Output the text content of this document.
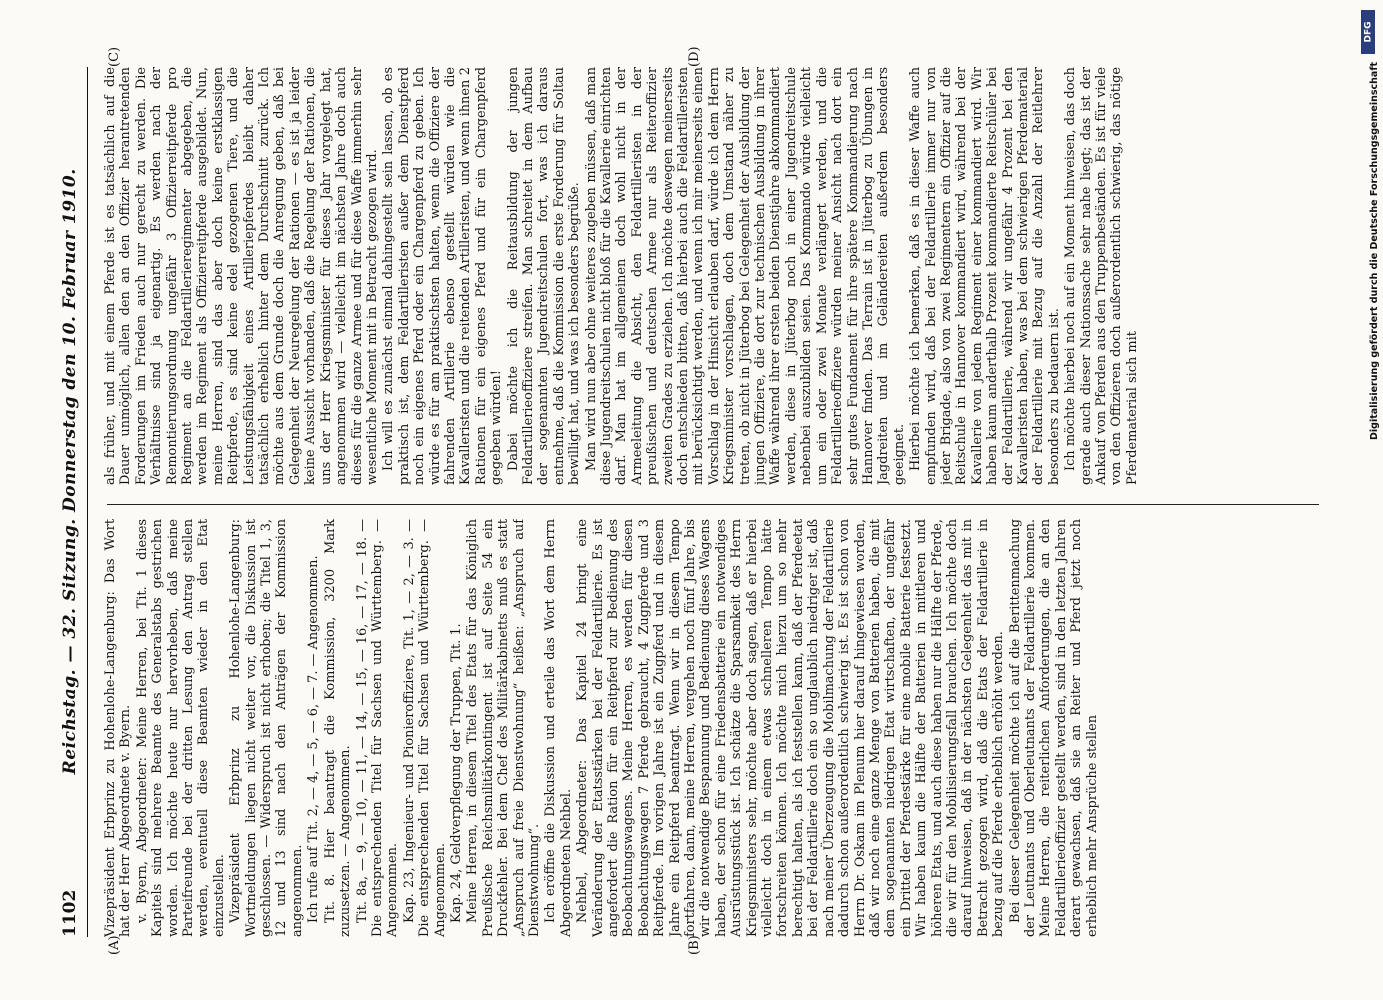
1102
Reichstag. — 32. Sitzung. Donnerstag den 10. Februar 1910.
(A)	(B)
(C)	(D)

Vizepräsident Erbprinz zu Hohenlohe-Langenburg: Das Wort hat der Herr Abgeordnete v. Byern. v. Byern, Abgeordneter: Meine Herren, bei Tit. 1 dieses Kapitels sind mehrere Beamte des Generalstabs gestrichen worden. Ich möchte heute nur hervorheben, daß meine Parteifreunde bei der dritten Lesung den Antrag stellen werden, eventuell diese Beamten wieder in den Etat einzustellen. Vizepräsident Erbprinz zu Hohenlohe-Langenburg: Wortmeldungen liegen nicht weiter vor, die Diskussion ist geschlossen. — Widerspruch ist nicht erhoben; die Titel 1, 3, 12 und 13 sind nach den Anträgen der Kommission angenommen. Ich rufe auf Tit. 2, — 4, — 5, — 6, — 7. — Angenommen. Tit. 8. Hier beantragt die Kommission, 3200 Mark zuzusetzen. — Angenommen. Tit. 8a, — 9, — 10, — 11, — 14, — 15, — 16, — 17, — 18. — Die entsprechenden Titel für Sachsen und Württemberg. — Angenommen. Kap. 23, Ingenieur- und Pionieroffiziere, Tit. 1, — 2, — 3. — Die entsprechenden Titel für Sachsen und Württemberg. — Angenommen. Kap. 24, Geldverpflegung der Truppen, Tit. 1. Meine Herren, in diesem Titel des Etats für das Königlich Preußische Reichsmilitärkontingent ist auf Seite 54 ein Druckfehler. Bei dem Chef des Militärkabinetts muß es statt „Anspruch auf freie Dienstwohnung“ heißen: „Anspruch auf Dienstwohnung“. Ich eröffne die Diskussion und erteile das Wort dem Herrn Abgeordneten Nehbel. Nehbel, Abgeordneter: Das Kapitel 24 bringt eine Veränderung der Etatsstärken bei der Feldartillerie. Es ist angefordert die Ration für ein Reitpferd zur Bedienung des Beobachtungswagens. Meine Herren, es werden für diesen Beobachtungswagen 7 Pferde gebraucht, 4 Zugpferde und 3 Reitpferde. Im vorigen Jahre ist ein Zugpferd und in diesem Jahre ein Reitpferd beantragt. Wenn wir in diesem Tempo fortfahren, dann, meine Herren, vergehen noch fünf Jahre, bis wir die notwendige Bespannung und Bedienung dieses Wagens haben, der schon für eine Friedensbatterie ein notwendiges Ausrüstungsstück ist. Ich schätze die Sparsamkeit des Herrn Kriegsministers sehr, möchte aber doch sagen, daß er hierbei vielleicht doch in einem etwas schnelleren Tempo hätte fortschreiten können. Ich möchte mich hierzu um so mehr berechtigt halten, als ich feststellen kann, daß der Pferdeetat bei der Feldartillerie doch ein so unglaublich niedriger ist, daß nach meiner Überzeugung die Mobilmachung der Feldartillerie dadurch schon außerordentlich schwierig ist. Es ist schon von Herrn Dr. Oskam im Plenum hier darauf hingewiesen worden, daß wir noch eine ganze Menge von Batterien haben, die mit dem sogenannten niedrigen Etat wirtschaften, der ungefähr ein Drittel der Pferdestärke für eine mobile Batterie festsetzt. Wir haben kaum die Hälfte der Batterien in mittleren und höheren Etats, und auch diese haben nur die Hälfte der Pferde, die wir für den Mobilisierungsfall brauchen. Ich möchte doch darauf hinweisen, daß in der nächsten Gelegenheit das mit in Betracht gezogen wird, daß die Etats der Feldartillerie in bezug auf die Pferde erheblich erhöht werden. Bei dieser Gelegenheit möchte ich auf die Berittenmachung der Leutnants und Oberleutnants der Feldartillerie kommen. Meine Herren, die reiterlichen Anforderungen, die an den Feldartillerieoffizier gestellt werden, sind in den letzten Jahren derart gewachsen, daß sie an Reiter und Pferd jetzt noch erheblich mehr Ansprüche stellen

als früher, und mit einem Pferde ist es tatsächlich auf die Dauer unmöglich, allen den an den Offizier herantretenden Forderungen im Frieden auch nur gerecht zu werden. Die Verhältnisse sind ja eigenartig. Es werden nach der Remontierungsordnung ungefähr 3 Offizierreitpferde pro Regiment an die Feldartillerieregimenter abgegeben, die werden im Regiment als Offizierreitpferde ausgebildet. Nun, meine Herren, sind das aber doch keine erstklassigen Reitpferde, es sind keine edel gezogenen Tiere, und die Leistungsfähigkeit eines Artilleriepferdes bleibt daher tatsächlich erheblich hinter dem Durchschnitt zurück. Ich möchte aus dem Grunde doch die Anregung geben, daß bei Gelegenheit der Neuregelung der Rationen — es ist ja leider keine Aussicht vorhanden, daß die Regelung der Rationen, die uns der Herr Kriegsminister für dieses Jahr vorgelegt hat, angenommen wird — vielleicht im nächsten Jahre doch auch dieses für die ganze Armee und für diese Waffe immerhin sehr wesentliche Moment mit in Betracht gezogen wird. Ich will es zunächst einmal dahingestellt sein lassen, ob es praktisch ist, dem Feldartilleristen außer dem Dienstpferd noch ein eigenes Pferd oder ein Chargenpferd zu geben. Ich würde es für am praktischsten halten, wenn die Offiziere der fahrenden Artillerie ebenso gestellt würden wie die Kavalleristen und die reitenden Artilleristen, und wenn ihnen 2 Rationen für ein eigenes Pferd und für ein Chargenpferd gegeben würden! Dabei möchte ich die Reitausbildung der jungen Feldartillerieoffiziere streifen. Man schreitet in dem Aufbau der sogenannten Jugendreitschulen fort, was ich daraus entnehme, daß die Kommission die erste Forderung für Soltau bewilligt hat, und was ich besonders begrüße. Man wird nun aber ohne weiteres zugeben müssen, daß man diese Jugendreitschulen nicht bloß für die Kavallerie einrichten darf. Man hat im allgemeinen doch wohl nicht in der Armeeleitung die Absicht, den Feldartilleristen in der preußischen und deutschen Armee nur als Reiteroffizier zweiten Grades zu erziehen. Ich möchte deswegen meinerseits doch entschieden bitten, daß hierbei auch die Feldartilleristen mit berücksichtigt werden, und wenn ich mir meinerseits einen Vorschlag in der Hinsicht erlauben darf, würde ich dem Herrn Kriegsminister vorschlagen, doch dem Umstand näher zu treten, ob nicht in Jüterbog bei Gelegenheit der Ausbildung der jungen Offiziere, die dort zur technischen Ausbildung in ihrer Waffe während ihrer ersten beiden Dienstjahre abkommandiert werden, diese in Jüterbog noch in einer Jugendreitschule nebenbei auszubilden seien. Das Kommando würde vielleicht um ein oder zwei Monate verlängert werden, und die Feldartillerieoffiziere würden meiner Ansicht nach dort ein sehr gutes Fundament für ihre spätere Kommandierung nach Hannover finden. Das Terrain ist in Jüterbog zu Übungen in Jagdreiten und im Geländereiten außerdem besonders geeignet. Hierbei möchte ich bemerken, daß es in dieser Waffe auch empfunden wird, daß bei der Feldartillerie immer nur von jeder Brigade, also von zwei Regimentern ein Offizier auf die Reitschule in Hannover kommandiert wird, während bei der Kavallerie von jedem Regiment einer kommandiert wird. Wir haben kaum anderthalb Prozent kommandierte Reitschüler bei der Feldartillerie, während wir ungefähr 4 Prozent bei den Kavalleristen haben, was bei dem schwierigen Pferdematerial der Feldartillerie mit Bezug auf die Anzahl der Reitlehrer besonders zu bedauern ist. Ich möchte hierbei noch auf ein Moment hinweisen, das doch gerade auch dieser Nationssache sehr nahe liegt; das ist der Ankauf von Pferden aus den Truppenbeständen. Es ist für viele von den Offizieren doch außerordentlich schwierig, das nötige Pferdematerial sich mit

DFG
Digitalisierung gefördert durch die Deutsche Forschungsgemeinschaft
